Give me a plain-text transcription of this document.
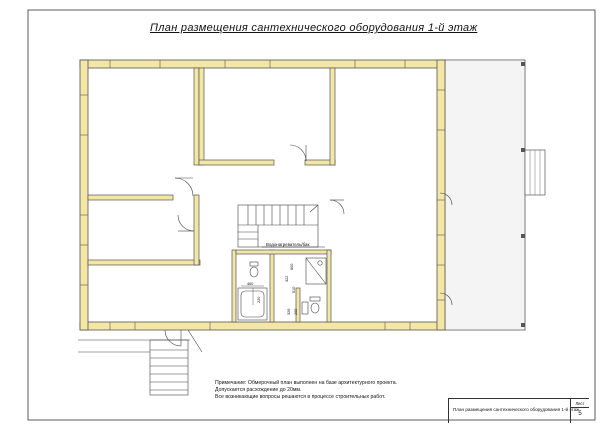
Водонагреватель/бак
460
220
600
322
510
326 200
План размещения сантехнического оборудования 1-й этаж
Примечание: Обмерочный план выполнен на базе архитектурного проекта.
Допускается расхождение до 20мм.
Все возникающие вопросы решаются в процессе строительных работ.
План размещения сантехнического оборудования 1-й этаж
Лист
5
